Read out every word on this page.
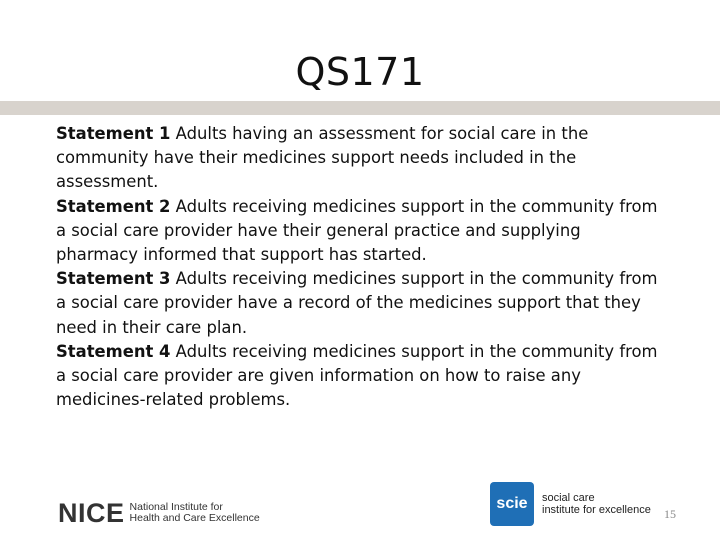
QS171

Statement 1 Adults having an assessment for social care in the community have their medicines support needs included in the assessment.

Statement 2 Adults receiving medicines support in the community from a social care provider have their general practice and supplying pharmacy informed that support has started.

Statement 3 Adults receiving medicines support in the community from a social care provider have a record of the medicines support that they need in their care plan.

Statement 4 Adults receiving medicines support in the community from a social care provider are given information on how to raise any medicines-related problems.

NICE National Institute for
Health and Care Excellence
scie	social care
institute for excellence 15
